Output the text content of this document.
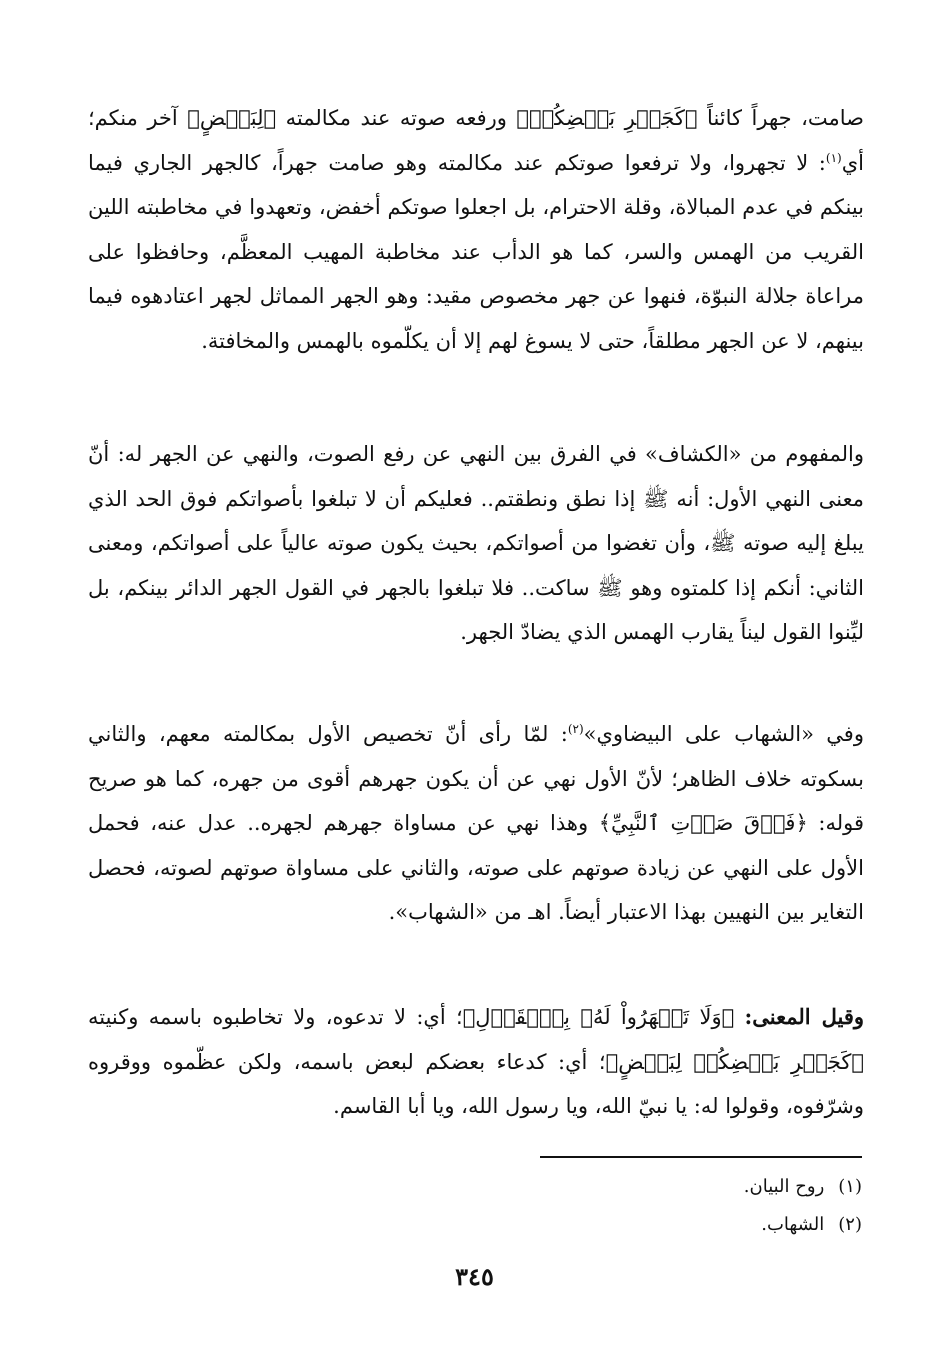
صامت، جهراً كائناً ﴿كَجَهۡرِ بَعۡضِكُمۡ﴾ ورفعه صوته عند مكالمته ﴿لِبَعۡضٍ﴾ آخر منكم؛ أي$^{(١)}$: لا تجهروا، ولا ترفعوا صوتكم عند مكالمته وهو صامت جهراً، كالجهر الجاري فيما بينكم في عدم المبالاة، وقلة الاحترام، بل اجعلوا صوتكم أخفض، وتعهدوا في مخاطبته اللين القريب من الهمس والسر، كما هو الدأب عند مخاطبة المهيب المعظَّم، وحافظوا على مراعاة جلالة النبوّة، فنهوا عن جهر مخصوص مقيد: وهو الجهر المماثل لجهر اعتادهوه فيما بينهم، لا عن الجهر مطلقاً، حتى لا يسوغ لهم إلا أن يكلّموه بالهمس والمخافتة.

والمفهوم من «الكشاف» في الفرق بين النهي عن رفع الصوت، والنهي عن الجهر له: أنّ معنى النهي الأول: أنه ﷺ إذا نطق ونطقتم.. فعليكم أن لا تبلغوا بأصواتكم فوق الحد الذي يبلغ إليه صوته ﷺ، وأن تغضوا من أصواتكم، بحيث يكون صوته عالياً على أصواتكم، ومعنى الثاني: أنكم إذا كلمتوه وهو ﷺ ساكت.. فلا تبلغوا بالجهر في القول الجهر الدائر بينكم، بل ليِّنوا القول ليناً يقارب الهمس الذي يضادّ الجهر.

وفي «الشهاب على البيضاوي»$^{(٢)}$: لمّا رأى أنّ تخصيص الأول بمكالمته معهم، والثاني بسكوته خلاف الظاهر؛ لأنّ الأول نهي عن أن يكون جهرهم أقوى من جهره، كما هو صريح قوله: ﴿فَوۡقَ صَوۡتِ ٱلنَّبِيِّ﴾ وهذا نهي عن مساواة جهرهم لجهره.. عدل عنه، فحمل الأول على النهي عن زيادة صوتهم على صوته، والثاني على مساواة صوتهم لصوته، فحصل التغاير بين النهيين بهذا الاعتبار أيضاً. اهـ من «الشهاب».

وقيل المعنى: ﴿وَلَا تَجۡهَرُواْ لَهُۥ بِٱلۡقَوۡلِ﴾؛ أي: لا تدعوه، ولا تخاطبوه باسمه وكنيته ﴿كَجَهۡرِ بَعۡضِكُمۡ لِبَعۡضٍ﴾؛ أي: كدعاء بعضكم لبعض باسمه، ولكن عظّموه ووقروه وشرّفوه، وقولوا له: يا نبيّ الله، ويا رسول الله، ويا أبا القاسم.

(١)روح البيان.
(٢)الشهاب.
٣٤٥
